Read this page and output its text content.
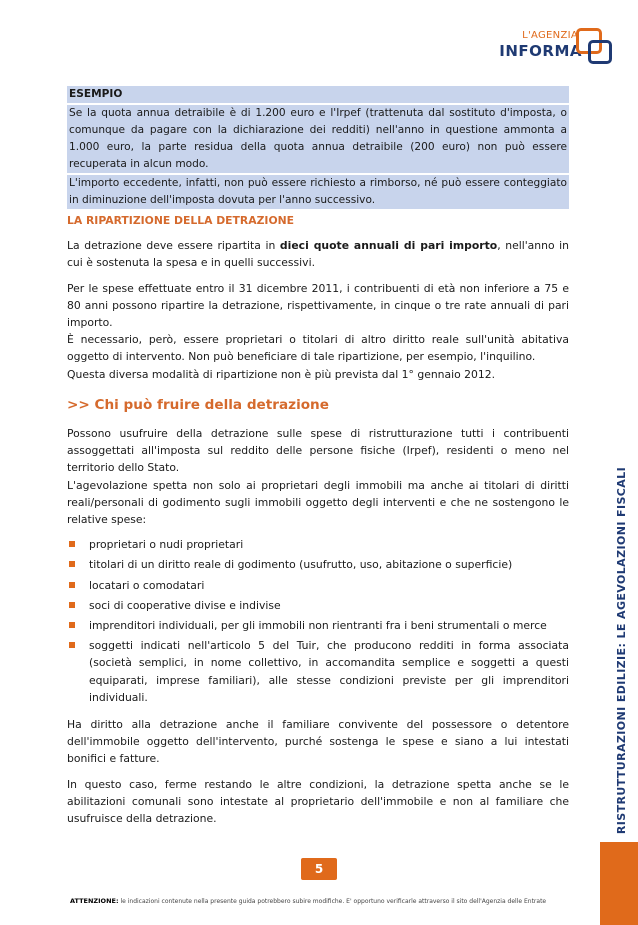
L'AGENZIA
INFORMA
ESEMPIO
Se la quota annua detraibile è di 1.200 euro e l'Irpef (trattenuta dal sostituto d'imposta, o comunque da pagare con la dichiarazione dei redditi) nell'anno in questione ammonta a 1.000 euro, la parte residua della quota annua detraibile (200 euro) non può essere recuperata in alcun modo.
L'importo eccedente, infatti, non può essere richiesto a rimborso, né può essere conteggiato in diminuzione dell'imposta dovuta per l'anno successivo.

LA RIPARTIZIONE DELLA DETRAZIONE

La detrazione deve essere ripartita in dieci quote annuali di pari importo, nell'anno in cui è sostenuta la spesa e in quelli successivi.

Per le spese effettuate entro il 31 dicembre 2011, i contribuenti di età non inferiore a 75 e 80 anni possono ripartire la detrazione, rispettivamente, in cinque o tre rate annuali di pari importo.

È necessario, però, essere proprietari o titolari di altro diritto reale sull'unità abitativa oggetto di intervento. Non può beneficiare di tale ripartizione, per esempio, l'inquilino.

Questa diversa modalità di ripartizione non è più prevista dal 1° gennaio 2012.

>> Chi può fruire della detrazione

Possono usufruire della detrazione sulle spese di ristrutturazione tutti i contribuenti assoggettati all'imposta sul reddito delle persone fisiche (Irpef), residenti o meno nel territorio dello Stato.

L'agevolazione spetta non solo ai proprietari degli immobili ma anche ai titolari di diritti reali/personali di godimento sugli immobili oggetto degli interventi e che ne sostengono le relative spese:

proprietari o nudi proprietari
titolari di un diritto reale di godimento (usufrutto, uso, abitazione o superficie)
locatari o comodatari
soci di cooperative divise e indivise
imprenditori individuali, per gli immobili non rientranti fra i beni strumentali o merce
soggetti indicati nell'articolo 5 del Tuir, che producono redditi in forma associata (società semplici, in nome collettivo, in accomandita semplice e soggetti a questi equiparati, imprese familiari), alle stesse condizioni previste per gli imprenditori individuali.

Ha diritto alla detrazione anche il familiare convivente del possessore o detentore dell'immobile oggetto dell'intervento, purché sostenga le spese e siano a lui intestati bonifici e fatture.

In questo caso, ferme restando le altre condizioni, la detrazione spetta anche se le abilitazioni comunali sono intestate al proprietario dell'immobile e non al familiare che usufruisce della detrazione.	RISTRUTTURAZIONI EDILIZIE: LE AGEVOLAZIONI FISCALI
5
ATTENZIONE: le indicazioni contenute nella presente guida potrebbero subire modifiche. E' opportuno verificarle attraverso il sito dell'Agenzia delle Entrate
